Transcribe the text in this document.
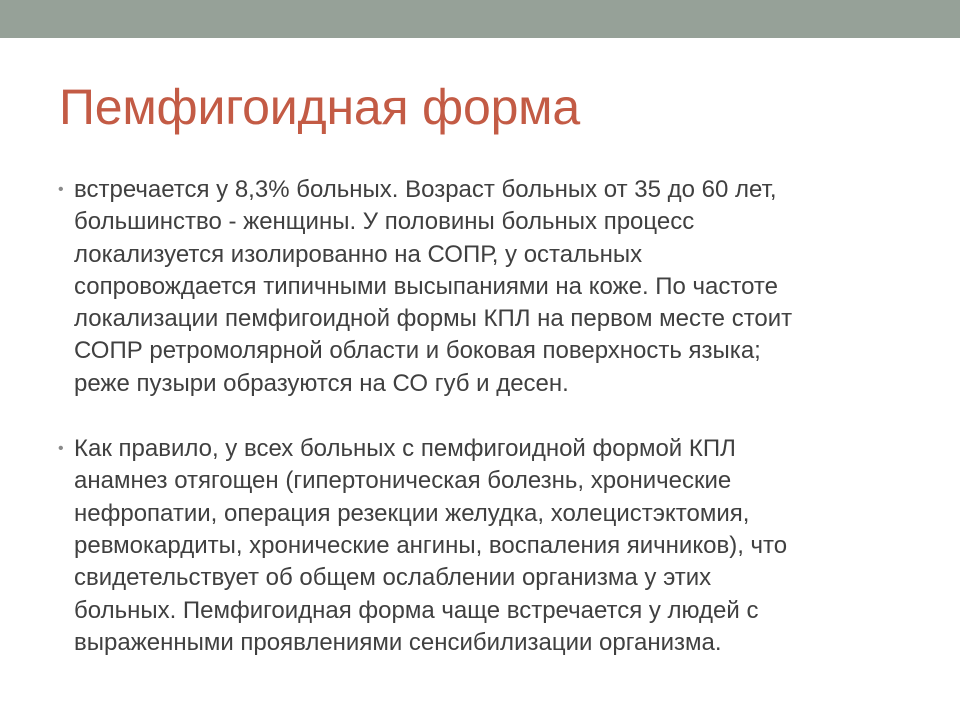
Пемфигоидная форма
• встречается у 8,3% больных. Возраст больных от 35 до 60 лет,
большинство - женщины. У половины больных процесс
локализуется изолированно на СОПР, у остальных
сопровождается типичными высыпаниями на коже. По частоте
локализации пемфигоидной формы КПЛ на первом месте стоит
СОПР ретромолярной области и боковая поверхность языка;
реже пузыри образуются на СО губ и десен.
• Как правило, у всех больных с пемфигоидной формой КПЛ
анамнез отягощен (гипертоническая болезнь, хронические
нефропатии, операция резекции желудка, холецистэктомия,
ревмокардиты, хронические ангины, воспаления яичников), что
свидетельствует об общем ослаблении организма у этих
больных. Пемфигоидная форма чаще встречается у людей с
выраженными проявлениями сенсибилизации организма.
